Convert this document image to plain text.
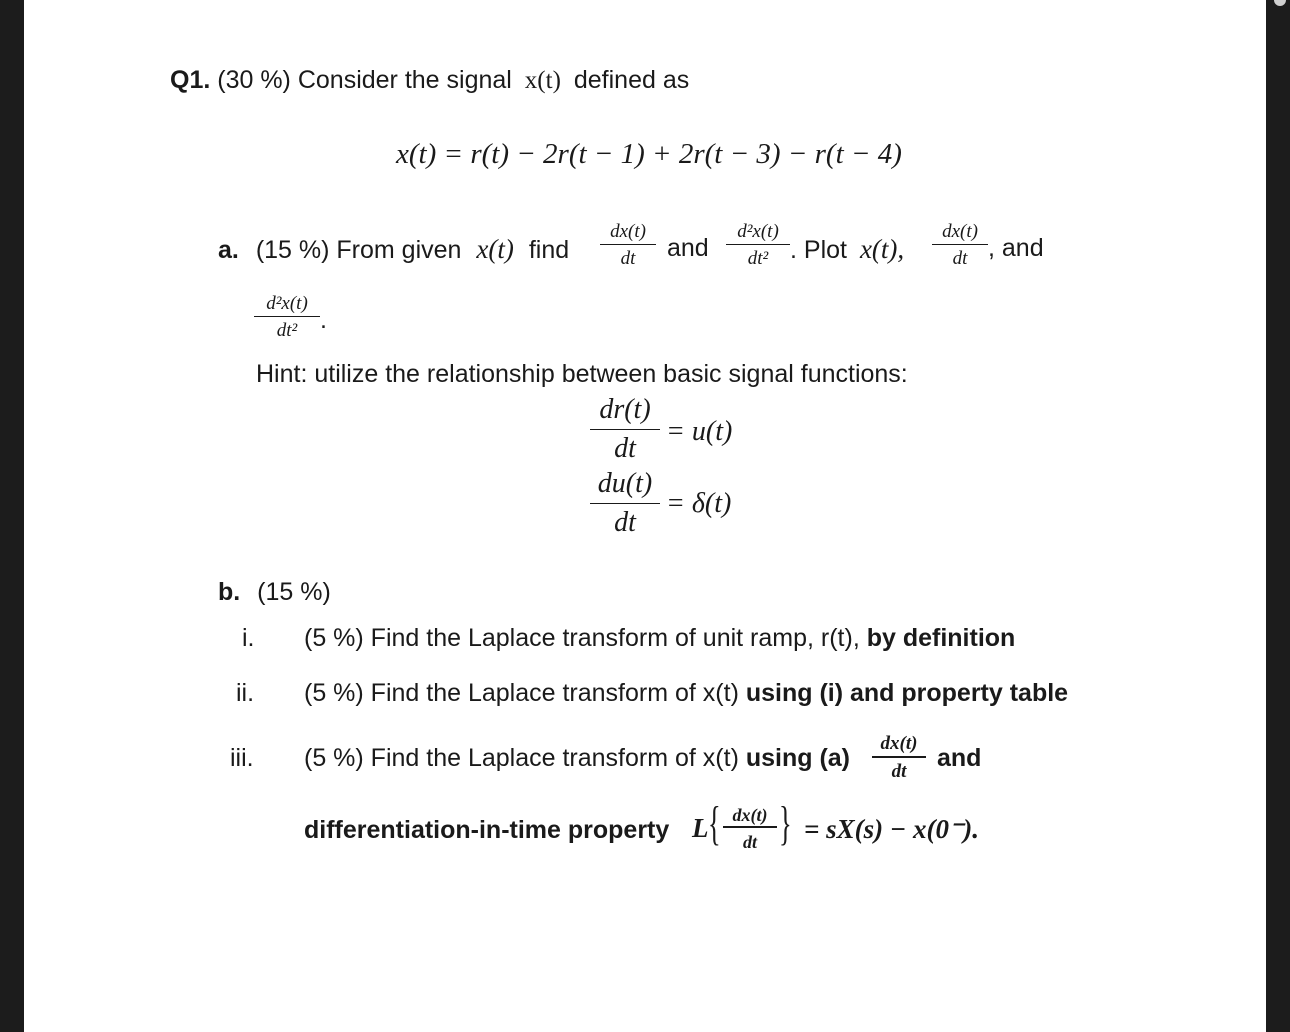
Q1. (30 %) Consider the signal x(t) defined as
x(t) = r(t) − 2r(t − 1) + 2r(t − 3) − r(t − 4)
a. (15 %) From given x(t) find
dx(t)
dt	and
d²x(t)
dt² . Plot x(t),
dx(t)
dt , and
d²x(t)
dt² .
Hint: utilize the relationship between basic signal functions:
dr(t)
dt
= u(t)
du(t)
dt
= δ(t)
b. (15 %)
i. (5 %) Find the Laplace transform of unit ramp, r(t), by definition
ii. (5 %) Find the Laplace transform of x(t) using (i) and property table
iii. (5 %) Find the Laplace transform of x(t) using (a)
dx(t)
dt	and
differentiation-in-time property L { dx(t)
dt } = sX(s) − x(0⁻).
